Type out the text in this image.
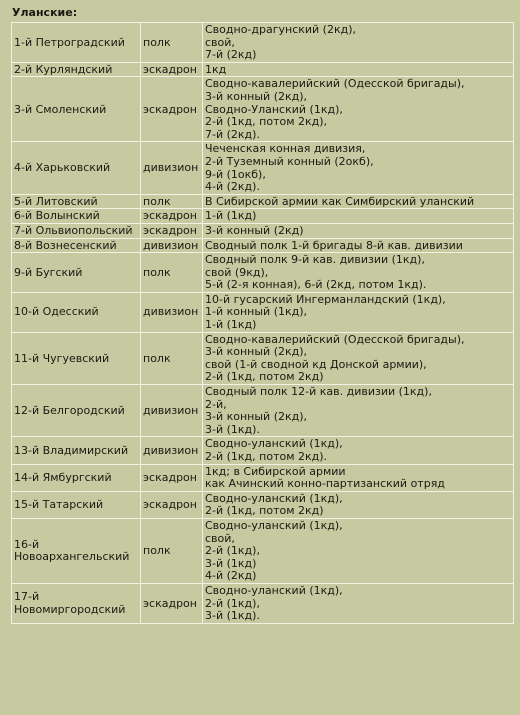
Уланские:
1-й Петроградский	полк	Сводно-драгунский (2кд),
свой,
7-й (2кд)

2-й Курляндский	эскадрон	1кд

3-й Смоленский	эскадрон	Сводно-кавалерийский (Одесской бригады),
3-й конный (2кд),
Сводно-Уланский (1кд),
2-й (1кд, потом 2кд),
7-й (2кд).

4-й Харьковский	дивизион	Чеченская конная дивизия,
2-й Туземный конный (2окб),
9-й (1окб),
4-й (2кд).

5-й Литовский	полк	В Сибирской армии как Симбирский уланский

6-й Волынский	эскадрон	1-й (1кд)

7-й Ольвиопольский	эскадрон	3-й конный (2кд)

8-й Вознесенский	дивизион	Сводный полк 1-й бригады 8-й кав. дивизии

9-й Бугский	полк	Сводный полк 9-й кав. дивизии (1кд),
свой (9кд),
5-й (2-я конная), 6-й (2кд, потом 1кд).

10-й Одесский	дивизион	10-й гусарский Ингерманландский (1кд),
1-й конный (1кд),
1-й (1кд)

11-й Чугуевский	полк	Сводно-кавалерийский (Одесской бригады),
3-й конный (2кд),
свой (1-й сводной кд Донской армии),
2-й (1кд, потом 2кд)

12-й Белгородский	дивизион	Сводный полк 12-й кав. дивизии (1кд),
2-й,
3-й конный (2кд),
3-й (1кд).

13-й Владимирский	дивизион	Сводно-уланский (1кд),
2-й (1кд, потом 2кд).

14-й Ямбургский	эскадрон	1кд; в Сибирской армии
как Ачинский конно-партизанский отряд

15-й Татарский	эскадрон	Сводно-уланский (1кд),
2-й (1кд, потом 2кд)

16-й
Новоархангельский	полк	Сводно-уланский (1кд),
свой,
2-й (1кд),
3-й (1кд)
4-й (2кд)

17-й
Новомиргородский	эскадрон	Сводно-уланский (1кд),
2-й (1кд),
3-й (1кд).
